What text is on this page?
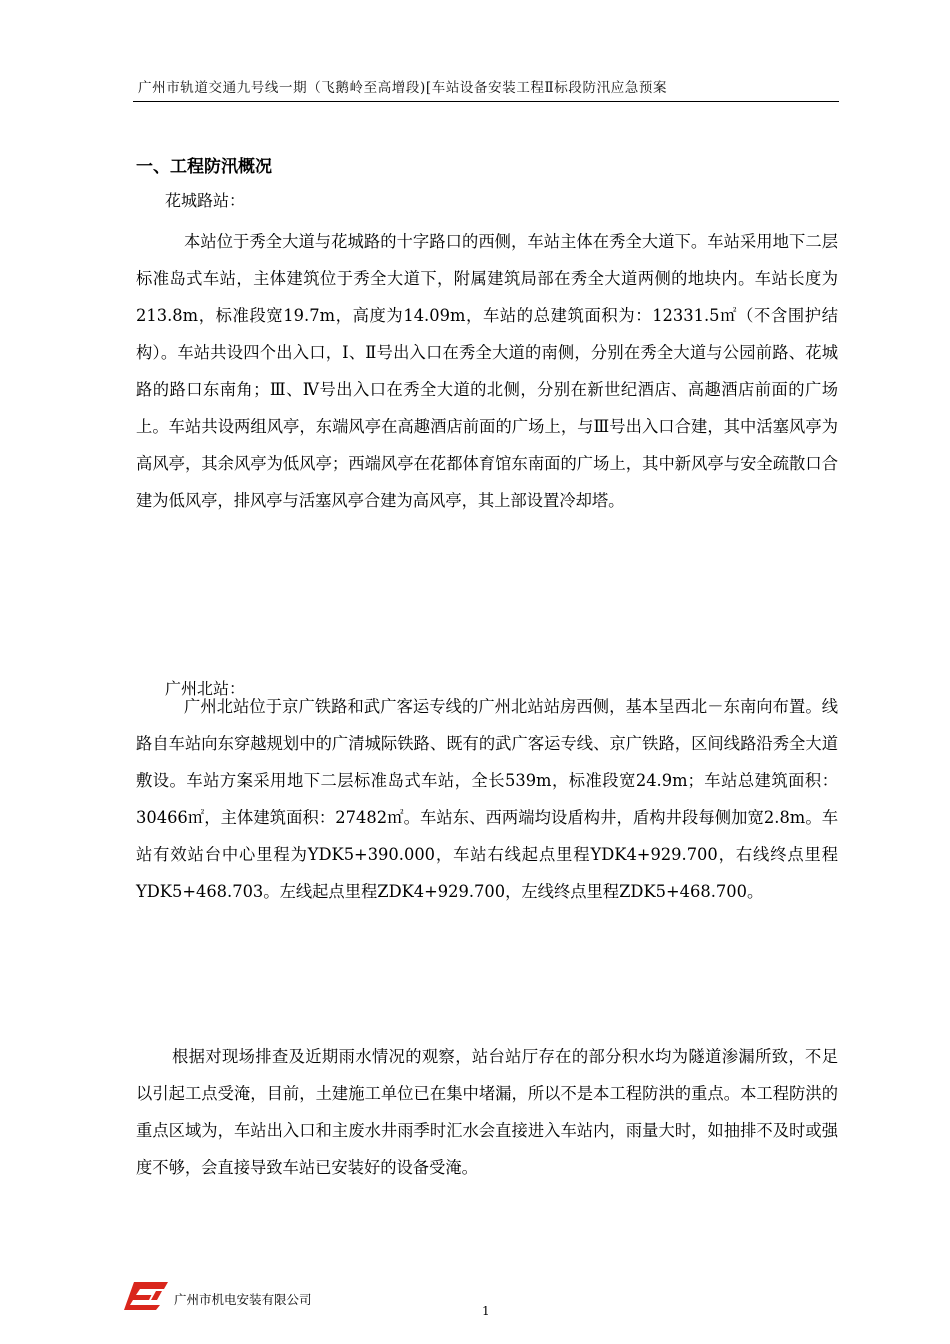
广州市轨道交通九号线一期（飞鹅岭至高增段)[车站设备安装工程Ⅱ标段防汛应急预案
一、工程防汛概况
花城路站：

本站位于秀全大道与花城路的十字路口的西侧，车站主体在秀全大道下。车站采用地下二层标准岛式车站，主体建筑位于秀全大道下，附属建筑局部在秀全大道两侧的地块内。车站长度为213.8m，标准段宽19.7m，高度为14.09m，车站的总建筑面积为：12331.5㎡（不含围护结构）。车站共设四个出入口，Ⅰ、Ⅱ号出入口在秀全大道的南侧，分别在秀全大道与公园前路、花城路的路口东南角；Ⅲ、Ⅳ号出入口在秀全大道的北侧，分别在新世纪酒店、高趣酒店前面的广场上。车站共设两组风亭，东端风亭在高趣酒店前面的广场上，与Ⅲ号出入口合建，其中活塞风亭为高风亭，其余风亭为低风亭；西端风亭在花都体育馆东南面的广场上，其中新风亭与安全疏散口合建为低风亭，排风亭与活塞风亭合建为高风亭，其上部设置冷却塔。

广州北站：

广州北站位于京广铁路和武广客运专线的广州北站站房西侧，基本呈西北－东南向布置。线路自车站向东穿越规划中的广清城际铁路、既有的武广客运专线、京广铁路，区间线路沿秀全大道敷设。车站方案采用地下二层标准岛式车站，全长539m，标准段宽24.9m；车站总建筑面积：30466㎡，主体建筑面积：27482㎡。车站东、西两端均设盾构井，盾构井段每侧加宽2.8m。车站有效站台中心里程为YDK5+390.000，车站右线起点里程YDK4+929.700，右线终点里程YDK5+468.703。左线起点里程ZDK4+929.700，左线终点里程ZDK5+468.700。

根据对现场排查及近期雨水情况的观察，站台站厅存在的部分积水均为隧道渗漏所致，不足以引起工点受淹，目前，土建施工单位已在集中堵漏，所以不是本工程防洪的重点。本工程防洪的重点区域为，车站出入口和主废水井雨季时汇水会直接进入车站内，雨量大时，如抽排不及时或强度不够，会直接导致车站已安装好的设备受淹。

广州市机电安装有限公司
1
